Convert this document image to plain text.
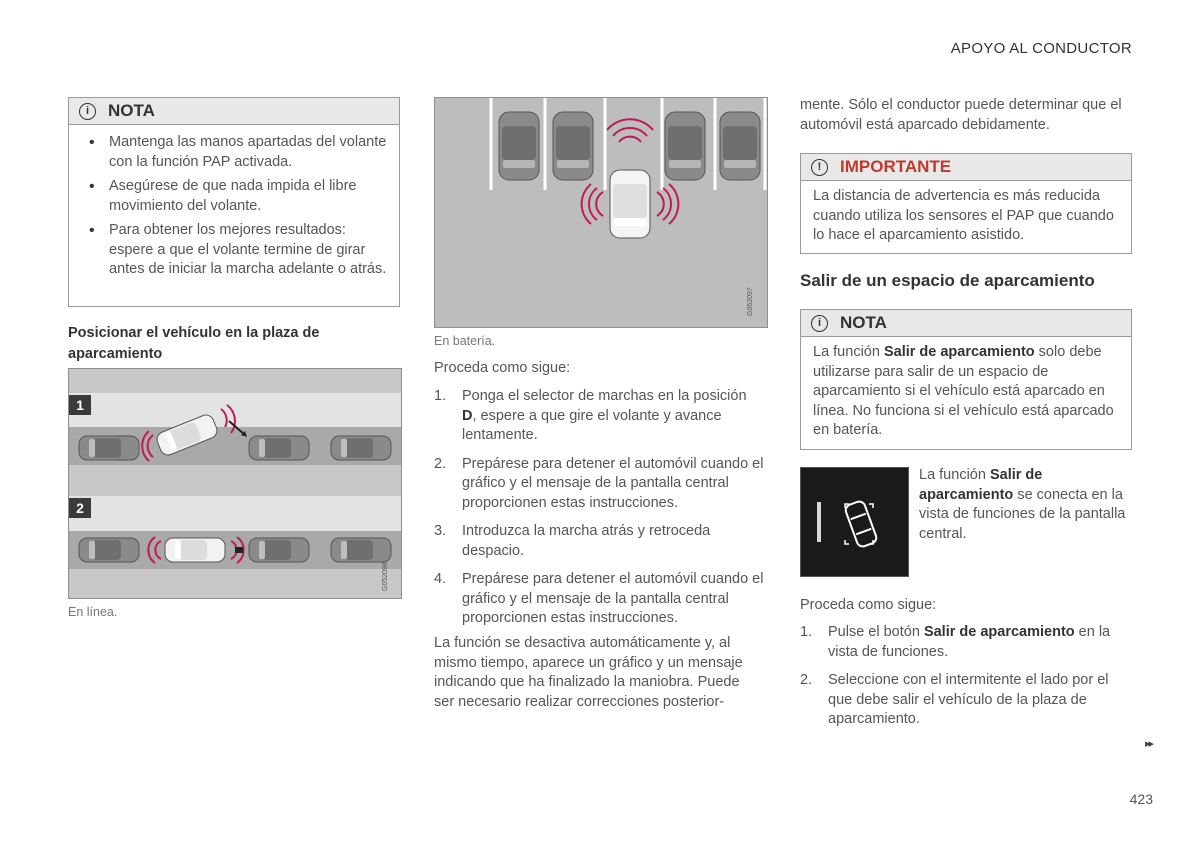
APOYO AL CONDUCTOR
i	NOTA
• Mantenga las manos apartadas del volante con la función PAP activada.
• Asegúrese de que nada impida el libre movimiento del volante.
• Para obtener los mejores resultados: espere a que el volante termine de girar antes de iniciar la marcha adelante o atrás.
Posicionar el vehículo en la plaza de aparcamiento
1
2
G052098
En línea.
G052097
En batería.
Proceda como sigue:
1. Ponga el selector de marchas en la posición D, espere a que gire el volante y avance lentamente.
2. Prepárese para detener el automóvil cuando el gráfico y el mensaje de la pantalla central proporcionen estas instrucciones.
3. Introduzca la marcha atrás y retroceda despacio.
4. Prepárese para detener el automóvil cuando el gráfico y el mensaje de la pantalla central proporcionen estas instrucciones.
La función se desactiva automáticamente y, al mismo tiempo, aparece un gráfico y un mensaje indicando que ha finalizado la maniobra. Puede ser necesario realizar correcciones posterior-
mente. Sólo el conductor puede determinar que el automóvil está aparcado debidamente.
!	IMPORTANTE
La distancia de advertencia es más reducida cuando utiliza los sensores el PAP que cuando lo hace el aparcamiento asistido.
Salir de un espacio de aparcamiento
i	NOTA
La función Salir de aparcamiento solo debe utilizarse para salir de un espacio de aparcamiento si el vehículo está aparcado en línea. No funciona si el vehículo está aparcado en batería.
La función Salir de aparcamiento se conecta en la vista de funciones de la pantalla central.
Proceda como sigue:
1. Pulse el botón Salir de aparcamiento en la vista de funciones.
2. Seleccione con el intermitente el lado por el que debe salir el vehículo de la plaza de aparcamiento.
▸▸
423
